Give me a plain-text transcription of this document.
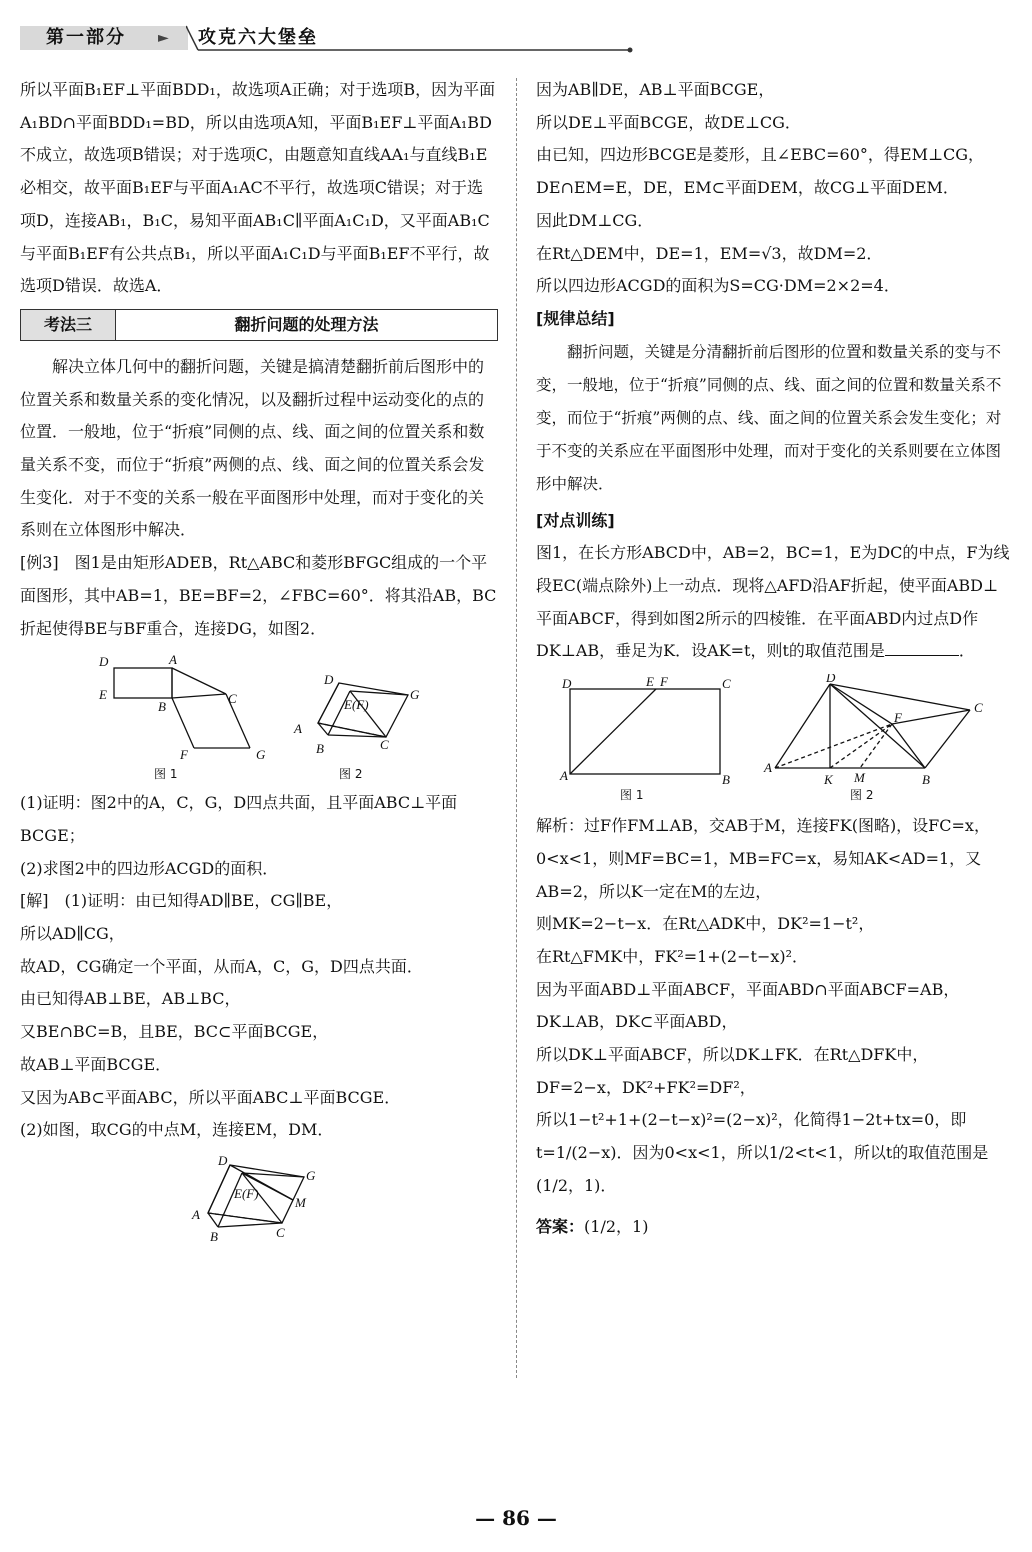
第一部分 ► 攻克六大堡垒

所以平面B₁EF⊥平面BDD₁，故选项A正确；对于选项B，因为平面A₁BD∩平面BDD₁=BD，所以由选项A知，平面B₁EF⊥平面A₁BD不成立，故选项B错误；对于选项C，由题意知直线AA₁与直线B₁E必相交，故平面B₁EF与平面A₁AC不平行，故选项C错误；对于选项D，连接AB₁，B₁C，易知平面AB₁C∥平面A₁C₁D，又平面AB₁C与平面B₁EF有公共点B₁，所以平面A₁C₁D与平面B₁EF不平行，故选项D错误．故选A．

考法三	翻折问题的处理方法

解决立体几何中的翻折问题，关键是搞清楚翻折前后图形中的位置关系和数量关系的变化情况，以及翻折过程中运动变化的点的位置．一般地，位于“折痕”同侧的点、线、面之间的位置关系和数量关系不变，而位于“折痕”两侧的点、线、面之间的位置关系会发生变化．对于不变的关系一般在平面图形中处理，而对于变化的关系则在立体图形中解决．

[例3]　图1是由矩形ADEB，Rt△ABC和菱形BFGC组成的一个平面图形，其中AB=1，BE=BF=2，∠FBC=60°．将其沿AB，BC折起使得BE与BF重合，连接DG，如图2．

D	A
E
B
C
F	G
D
E(F)
G
A
B	C
图 1	图 2

(1)证明：图2中的A，C，G，D四点共面，且平面ABC⊥平面BCGE；

(2)求图2中的四边形ACGD的面积．

[解]　(1)证明：由已知得AD∥BE，CG∥BE，

所以AD∥CG，

故AD，CG确定一个平面，从而A，C，G，D四点共面．

由已知得AB⊥BE，AB⊥BC，

又BE∩BC=B，且BE，BC⊂平面BCGE，

故AB⊥平面BCGE．

又因为AB⊂平面ABC，所以平面ABC⊥平面BCGE．

(2)如图，取CG的中点M，连接EM，DM．

D
E(F)
G
M
A
B	C

因为AB∥DE，AB⊥平面BCGE，

所以DE⊥平面BCGE，故DE⊥CG．

由已知，四边形BCGE是菱形，且∠EBC=60°，得EM⊥CG，

DE∩EM=E，DE，EM⊂平面DEM，故CG⊥平面DEM．

因此DM⊥CG．

在Rt△DEM中，DE=1，EM=√3，故DM=2．

所以四边形ACGD的面积为S=CG·DM=2×2=4．

[规律总结]

翻折问题，关键是分清翻折前后图形的位置和数量关系的变与不变，一般地，位于“折痕”同侧的点、线、面之间的位置和数量关系不变，而位于“折痕”两侧的点、线、面之间的位置关系会发生变化；对于不变的关系应在平面图形中处理，而对于变化的关系则要在立体图形中解决．

[对点训练]

图1，在长方形ABCD中，AB=2，BC=1，E为DC的中点，F为线段EC(端点除外)上一动点．现将△AFD沿AF折起，使平面ABD⊥平面ABCF，得到如图2所示的四棱锥．在平面ABD内过点D作DK⊥AB，垂足为K．设AK=t，则t的取值范围是	．

D	E F	C
A	B
D
C
F
A
K M	B
图 1	图 2

解析：过F作FM⊥AB，交AB于M，连接FK(图略)，设FC=x，0<x<1，则MF=BC=1，MB=FC=x，易知AK<AD=1，又AB=2，所以K一定在M的左边，

则MK=2−t−x．在Rt△ADK中，DK²=1−t²，

在Rt△FMK中，FK²=1+(2−t−x)²．

因为平面ABD⊥平面ABCF，平面ABD∩平面ABCF=AB，DK⊥AB，DK⊂平面ABD，

所以DK⊥平面ABCF，所以DK⊥FK．在Rt△DFK中，DF=2−x，DK²+FK²=DF²，

所以1−t²+1+(2−t−x)²=(2−x)²，化简得1−2t+tx=0，即t=1/(2−x)．因为0<x<1，所以1/2<t<1，所以t的取值范围是(1/2，1)．

答案：(1/2，1)

— 86 —
